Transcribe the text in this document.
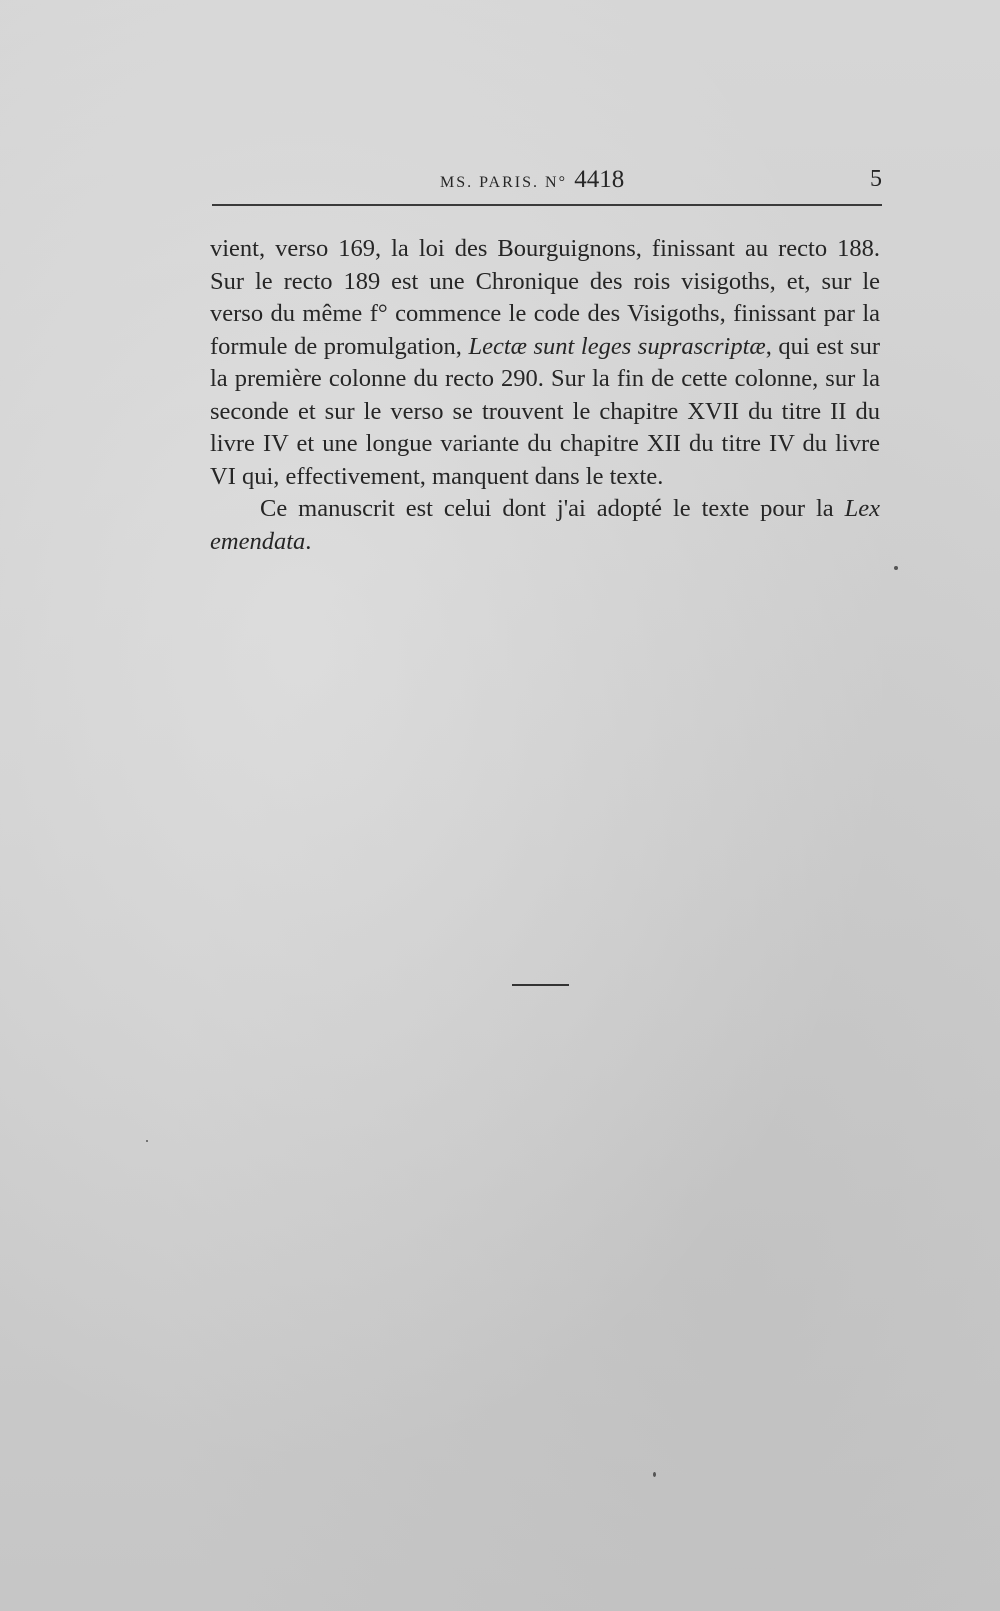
MS. PARIS. N° 4418	5

vient, verso 169, la loi des Bourguignons, finissant au recto 188. Sur le recto 189 est une Chronique des rois visigoths, et, sur le verso du même f° commence le code des Visigoths, finissant par la formule de promulgation, Lectæ sunt leges suprascriptæ, qui est sur la première colonne du recto 290. Sur la fin de cette colonne, sur la seconde et sur le verso se trouvent le chapitre XVII du titre II du livre IV et une longue variante du chapitre XII du titre IV du livre VI qui, effectivement, manquent dans le texte.

Ce manuscrit est celui dont j'ai adopté le texte pour la Lex emendata.
